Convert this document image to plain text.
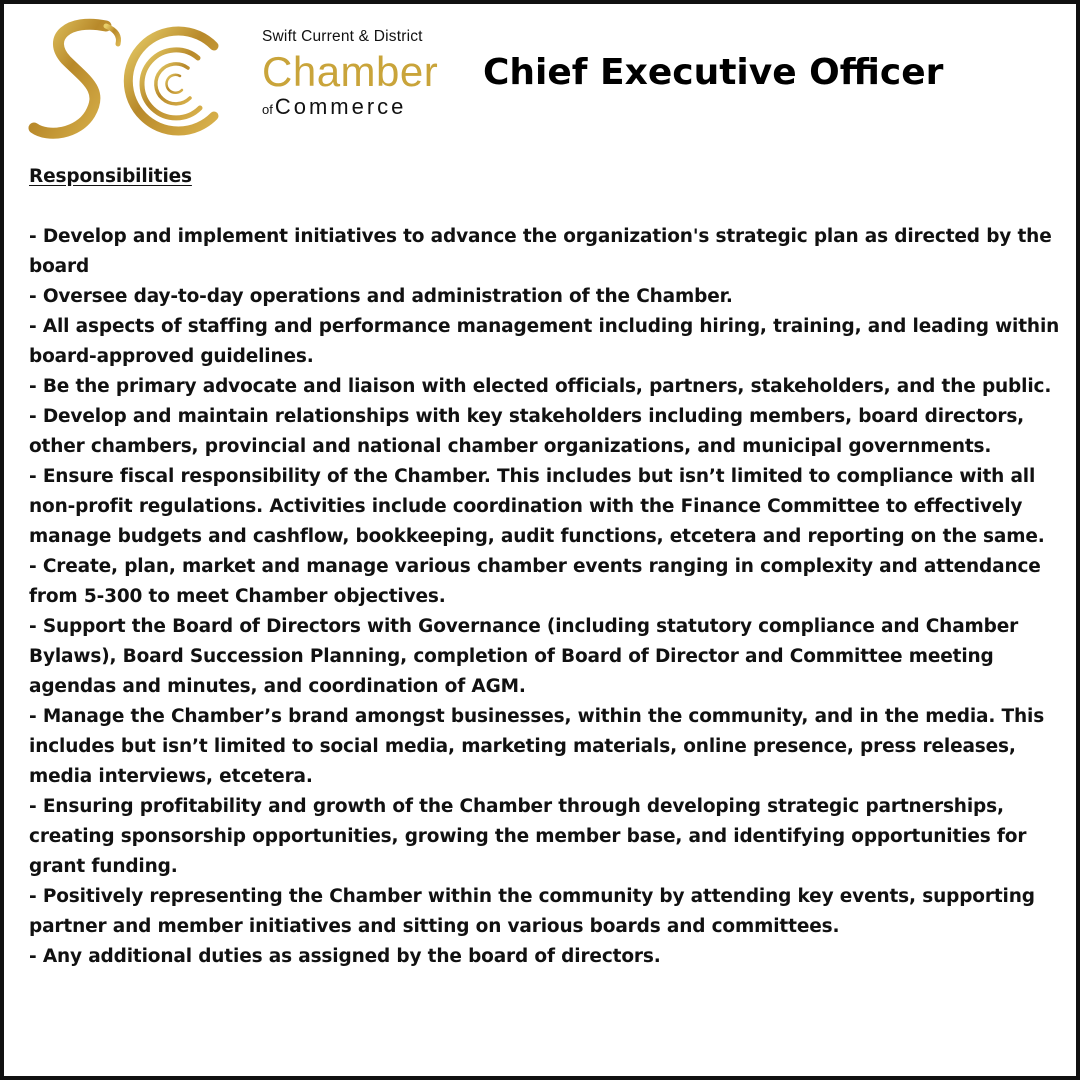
Swift Current & District
Chamber
ofCommerce
Chief Executive Officer

Responsibilities

- Develop and implement initiatives to advance the organization's strategic plan as directed by the board
- Oversee day-to-day operations and administration of the Chamber.
- All aspects of staffing and performance management including hiring, training, and leading within board-approved guidelines.
- Be the primary advocate and liaison with elected officials, partners, stakeholders, and the public.
- Develop and maintain relationships with key stakeholders including members, board directors, other chambers, provincial and national chamber organizations, and municipal governments.
- Ensure fiscal responsibility of the Chamber. This includes but isn’t limited to compliance with all non-profit regulations. Activities include coordination with the Finance Committee to effectively manage budgets and cashflow, bookkeeping, audit functions, etcetera and reporting on the same.
- Create, plan, market and manage various chamber events ranging in complexity and attendance from 5-300 to meet Chamber objectives.
- Support the Board of Directors with Governance (including statutory compliance and Chamber Bylaws), Board Succession Planning, completion of Board of Director and Committee meeting agendas and minutes, and coordination of AGM.
- Manage the Chamber’s brand amongst businesses, within the community, and in the media. This includes but isn’t limited to social media, marketing materials, online presence, press releases, media interviews, etcetera.
- Ensuring profitability and growth of the Chamber through developing strategic partnerships, creating sponsorship opportunities, growing the member base, and identifying opportunities for grant funding.
- Positively representing the Chamber within the community by attending key events, supporting partner and member initiatives and sitting on various boards and committees.
- Any additional duties as assigned by the board of directors.
